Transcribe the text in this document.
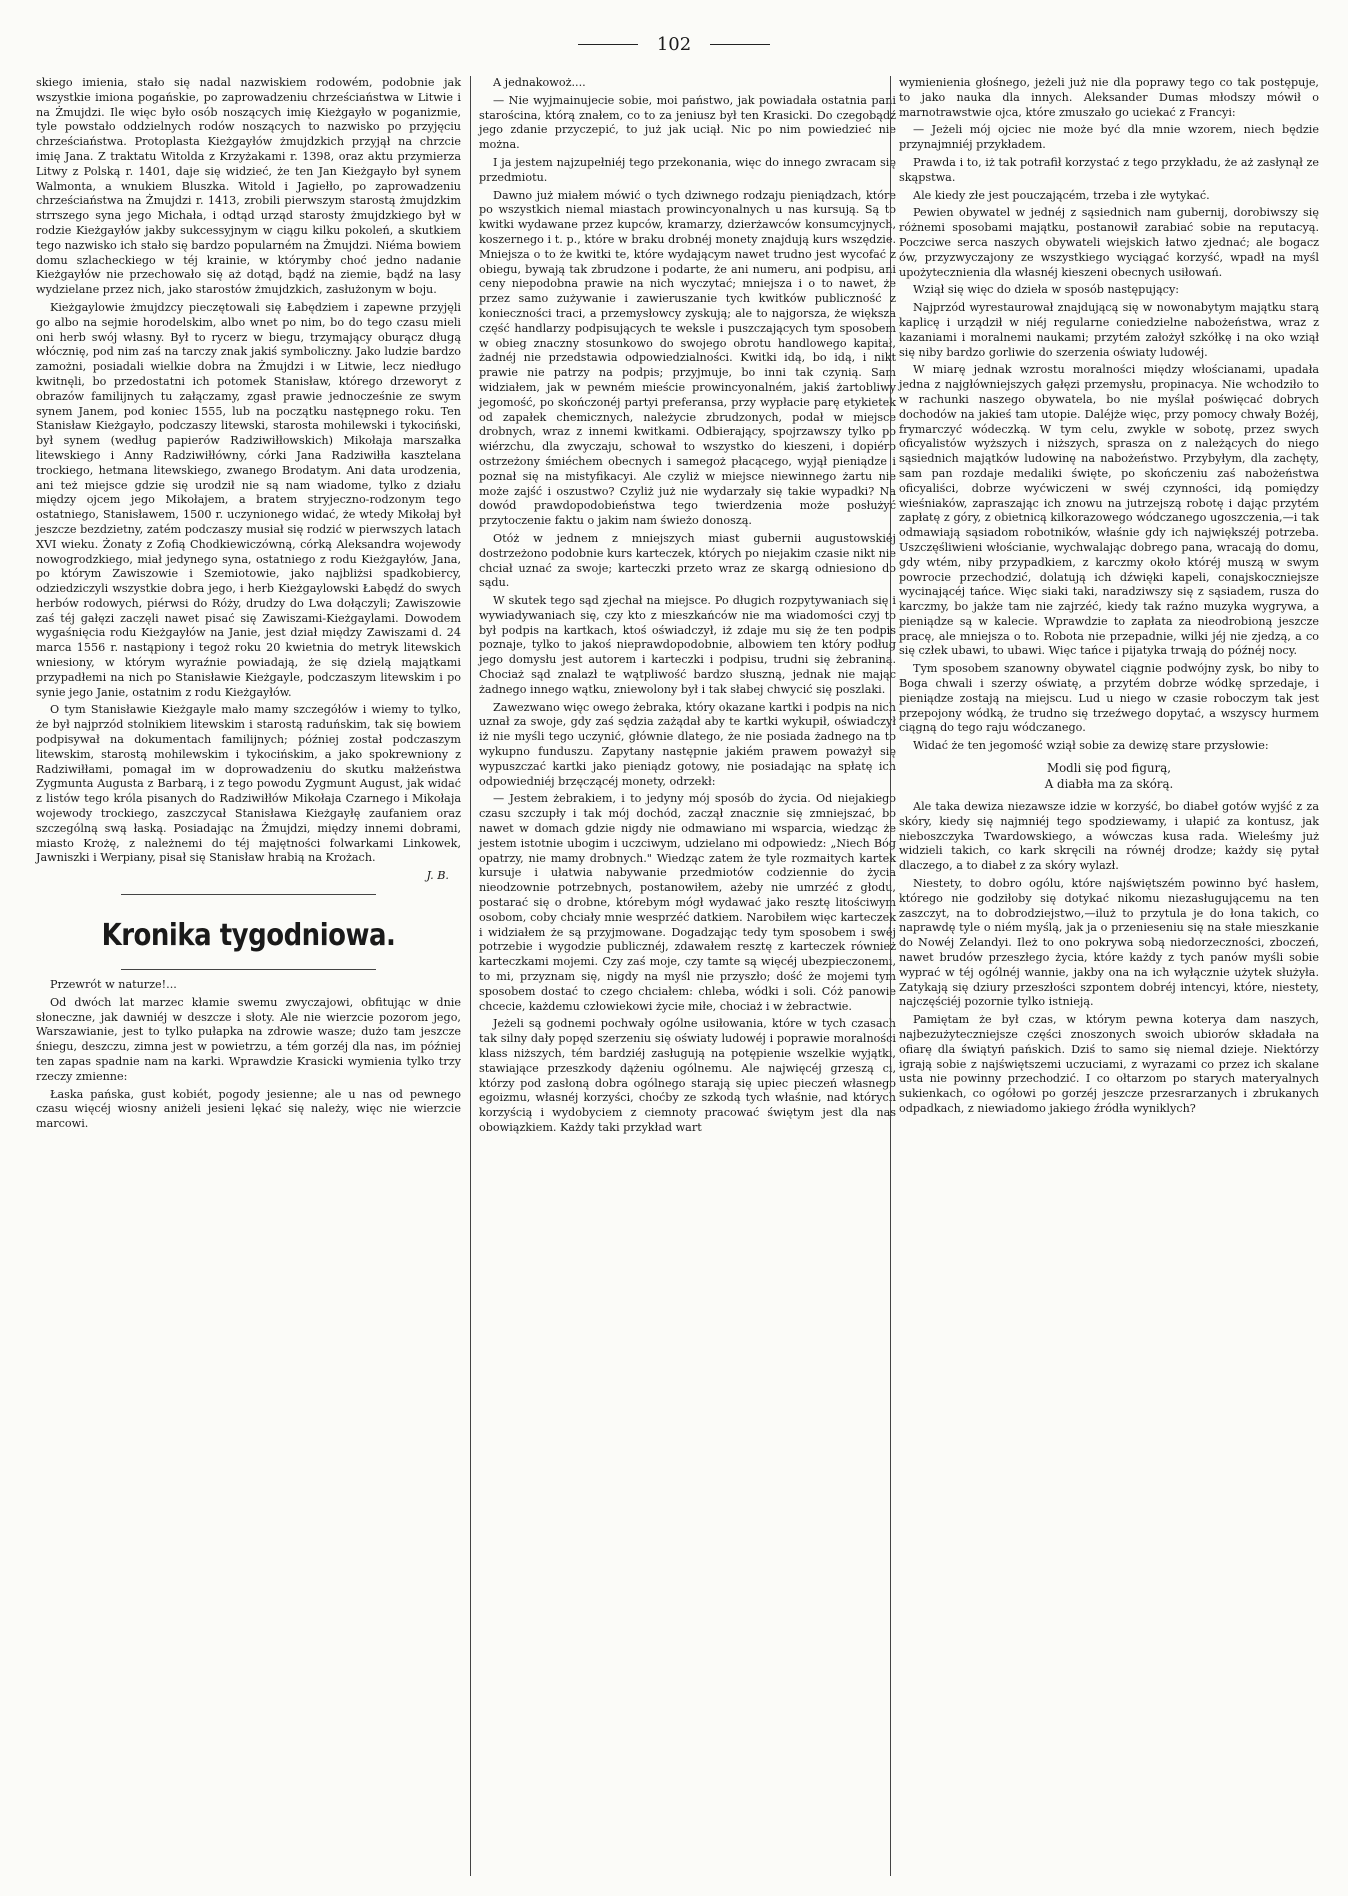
102

skiego imienia, stało się nadal nazwiskiem rodowém, podobnie jak wszystkie imiona pogańskie, po zaprowadzeniu chrześciaństwa w Litwie i na Żmujdzi. Ile więc było osób noszących imię Kieżgayło w poganizmie, tyle powstało oddzielnych rodów noszących to nazwisko po przyjęciu chrześciaństwa. Protoplasta Kieżgayłów żmujdzkich przyjął na chrzcie imię Jana. Z traktatu Witolda z Krzyżakami r. 1398, oraz aktu przymierza Litwy z Polską r. 1401, daje się widzieć, że ten Jan Kieżgayło był synem Walmonta, a wnukiem Bluszka. Witold i Jagiełło, po zaprowadzeniu chrześciaństwa na Żmujdzi r. 1413, zrobili pierwszym starostą żmujdzkim strrszego syna jego Michała, i odtąd urząd starosty żmujdzkiego był w rodzie Kieżgayłów jakby sukcessyjnym w ciągu kilku pokoleń, a skutkiem tego nazwisko ich stało się bardzo popularném na Żmujdzi. Niéma bowiem domu szlacheckiego w téj krainie, w którymby choć jedno nadanie Kieżgayłów nie przechowało się aż dotąd, bądź na ziemie, bądź na lasy wydzielane przez nich, jako starostów żmujdzkich, zasłużonym w boju.

Kieżgaylowie żmujdzcy pieczętowali się Łabędziem i zapewne przyjęli go albo na sejmie horodelskim, albo wnet po nim, bo do tego czasu mieli oni herb swój własny. Był to rycerz w biegu, trzymający oburącz długą włócznię, pod nim zaś na tarczy znak jakiś symboliczny. Jako ludzie bardzo zamożni, posiadali wielkie dobra na Żmujdzi i w Litwie, lecz niedługo kwitnęli, bo przedostatni ich potomek Stanisław, którego drzeworyt z obrazów familijnych tu załączamy, zgasł prawie jednocześnie ze swym synem Janem, pod koniec 1555, lub na początku następnego roku. Ten Stanisław Kieżgayło, podczaszy litewski, starosta mohilewski i tykociński, był synem (według papierów Radziwiłłowskich) Mikołaja marszałka litewskiego i Anny Radziwiłłówny, córki Jana Radziwiłła kasztelana trockiego, hetmana litewskiego, zwanego Brodatym. Ani data urodzenia, ani też miejsce gdzie się urodził nie są nam wiadome, tylko z działu między ojcem jego Mikołajem, a bratem stryjeczno-rodzonym tego ostatniego, Stanisławem, 1500 r. uczynionego widać, że wtedy Mikołaj był jeszcze bezdzietny, zatém podczaszy musiał się rodzić w pierwszych latach XVI wieku. Żonaty z Zofią Chodkiewiczówną, córką Aleksandra wojewody nowogrodzkiego, miał jedynego syna, ostatniego z rodu Kieżgayłów, Jana, po którym Zawiszowie i Szemiotowie, jako najbliżsi spadkobiercy, odziedziczyli wszystkie dobra jego, i herb Kieżgaylowski Łabędź do swych herbów rodowych, piérwsi do Róży, drudzy do Lwa dołączyli; Zawiszowie zaś téj gałęzi zaczęli nawet pisać się Zawiszami-Kieżgaylami. Dowodem wygaśnięcia rodu Kieżgayłów na Janie, jest dział między Zawiszami d. 24 marca 1556 r. nastąpiony i tegoż roku 20 kwietnia do metryk litewskich wniesiony, w którym wyraźnie powiadają, że się dzielą majątkami przypadłemi na nich po Stanisławie Kieżgayle, podczaszym litewskim i po synie jego Janie, ostatnim z rodu Kieżgayłów.

O tym Stanisławie Kieżgayle mało mamy szczegółów i wiemy to tylko, że był najprzód stolnikiem litewskim i starostą raduńskim, tak się bowiem podpisywał na dokumentach familijnych; później został podczaszym litewskim, starostą mohilewskim i tykocińskim, a jako spokrewniony z Radziwiłłami, pomagał im w doprowadzeniu do skutku małżeństwa Zygmunta Augusta z Barbarą, i z tego powodu Zygmunt August, jak widać z listów tego króla pisanych do Radziwiłłów Mikołaja Czarnego i Mikołaja wojewody trockiego, zaszczycał Stanisława Kieżgayłę zaufaniem oraz szczególną swą łaską. Posiadając na Żmujdzi, między innemi dobrami, miasto Krożę, z należnemi do téj majętności folwarkami Linkowek, Jawniszki i Werpiany, pisał się Stanisław hrabią na Krożach.

J. B.
Kronika tygodniowa.

Przewrót w naturze!...

Od dwóch lat marzec kłamie swemu zwyczajowi, obfitując w dnie słoneczne, jak dawniéj w deszcze i słoty. Ale nie wierzcie pozorom jego, Warszawianie, jest to tylko pułapka na zdrowie wasze; dużo tam jeszcze śniegu, deszczu, zimna jest w powietrzu, a tém gorzéj dla nas, im później ten zapas spadnie nam na karki. Wprawdzie Krasicki wymienia tylko trzy rzeczy zmienne:

Łaska pańska, gust kobiét, pogody jesienne; ale u nas od pewnego czasu więcéj wiosny aniżeli jesieni lękać się należy, więc nie wierzcie marcowi.

A jednakowoż....

— Nie wyjmainujecie sobie, moi państwo, jak powiadała ostatnia pani starościna, którą znałem, co to za jeniusz był ten Krasicki. Do czegobądź jego zdanie przyczepić, to już jak uciął. Nic po nim powiedzieć nie można.

I ja jestem najzupełniéj tego przekonania, więc do innego zwracam się przedmiotu.

Dawno już miałem mówić o tych dziwnego rodzaju pieniądzach, które po wszystkich niemal miastach prowincyonalnych u nas kursują. Są to kwitki wydawane przez kupców, kramarzy, dzierżawców konsumcyjnych, koszernego i t. p., które w braku drobnéj monety znajdują kurs wszędzie. Mniejsza o to że kwitki te, które wydającym nawet trudno jest wycofać z obiegu, bywają tak zbrudzone i podarte, że ani numeru, ani podpisu, ani ceny niepodobna prawie na nich wyczytać; mniejsza i o to nawet, że przez samo zużywanie i zawieruszanie tych kwitków publiczność z konieczności traci, a przemysłowcy zyskują; ale to najgorsza, że większa część handlarzy podpisujących te weksle i puszczających tym sposobem w obieg znaczny stosunkowo do swojego obrotu handlowego kapitał, żadnéj nie przedstawia odpowiedzialności. Kwitki idą, bo idą, i nikt prawie nie patrzy na podpis; przyjmuje, bo inni tak czynią. Sam widziałem, jak w pewném mieście prowincyonalném, jakiś żartobliwy jegomość, po skończonéj partyi preferansa, przy wypłacie parę etykietek od zapałek chemicznych, należycie zbrudzonych, podał w miejsce drobnych, wraz z innemi kwitkami. Odbierający, spojrzawszy tylko po wiérzchu, dla zwyczaju, schował to wszystko do kieszeni, i dopiéro ostrzeżony śmiéchem obecnych i samegoż płacącego, wyjął pieniądze i poznał się na mistyfikacyi. Ale czyliż w miejsce niewinnego żartu nie może zajść i oszustwo? Czyliż już nie wydarzały się takie wypadki? Na dowód prawdopodobieństwa tego twierdzenia może posłużyć przytoczenie faktu o jakim nam świeżo donoszą.

Otóż w jednem z mniejszych miast gubernii augustowskiéj dostrzeżono podobnie kurs karteczek, których po niejakim czasie nikt nie chciał uznać za swoje; karteczki przeto wraz ze skargą odniesiono do sądu.

W skutek tego sąd zjechał na miejsce. Po długich rozpytywaniach się i wywiadywaniach się, czy kto z mieszkańców nie ma wiadomości czyj to był podpis na kartkach, ktoś oświadczył, iż zdaje mu się że ten podpis poznaje, tylko to jakoś nieprawdopodobnie, albowiem ten który podług jego domysłu jest autorem i karteczki i podpisu, trudni się żebraniną. Chociaż sąd znalazł te wątpliwość bardzo słuszną, jednak nie mając żadnego innego wątku, zniewolony był i tak słabej chwycić się poszlaki.

Zawezwano więc owego żebraka, który okazane kartki i podpis na nich uznał za swoje, gdy zaś sędzia zażądał aby te kartki wykupił, oświadczył iż nie myśli tego uczynić, głównie dlatego, że nie posiada żadnego na to wykupno funduszu. Zapytany następnie jakiém prawem poważył się wypuszczać kartki jako pieniądz gotowy, nie posiadając na spłatę ich odpowiedniéj brzęczącéj monety, odrzekł:

— Jestem żebrakiem, i to jedyny mój sposób do życia. Od niejakiego czasu szczupły i tak mój dochód, zaczął znacznie się zmniejszać, bo nawet w domach gdzie nigdy nie odmawiano mi wsparcia, wiedząc że jestem istotnie ubogim i uczciwym, udzielano mi odpowiedz: „Niech Bóg opatrzy, nie mamy drobnych." Wiedząc zatem że tyle rozmaitych kartek kursuje i ułatwia nabywanie przedmiotów codziennie do życia nieodzownie potrzebnych, postanowiłem, ażeby nie umrzéć z głodu, postarać się o drobne, którebym mógł wydawać jako resztę litościwym osobom, coby chciały mnie wesprzéć datkiem. Narobiłem więc karteczek i widziałem że są przyjmowane. Dogadzając tedy tym sposobem i swéj potrzebie i wygodzie publicznéj, zdawałem resztę z karteczek również karteczkami mojemi. Czy zaś moje, czy tamte są więcéj ubezpieczonemi, to mi, przyznam się, nigdy na myśl nie przyszło; dość że mojemi tym sposobem dostać to czego chciałem: chleba, wódki i soli. Cóż panowie chcecie, każdemu człowiekowi życie miłe, chociaż i w żebractwie.

Jeżeli są godnemi pochwały ogólne usiłowania, które w tych czasach tak silny dały popęd szerzeniu się oświaty ludowéj i poprawie moralności klass niższych, tém bardziéj zasługują na potępienie wszelkie wyjątki, stawiające przeszkody dążeniu ogólnemu. Ale najwięcéj grzeszą ci, którzy pod zasłoną dobra ogólnego starają się upiec pieczeń własnego egoizmu, własnéj korzyści, choćby ze szkodą tych właśnie, nad których korzyścią i wydobyciem z ciemnoty pracować świętym jest dla nas obowiązkiem. Każdy taki przykład wart

wymienienia głośnego, jeżeli już nie dla poprawy tego co tak postępuje, to jako nauka dla innych. Aleksander Dumas młodszy mówił o marnotrawstwie ojca, które zmuszało go uciekać z Francyi:

— Jeżeli mój ojciec nie może być dla mnie wzorem, niech będzie przynajmniéj przykładem.

Prawda i to, iż tak potrafił korzystać z tego przykładu, że aż zasłynął ze skąpstwa.

Ale kiedy złe jest pouczającém, trzeba i złe wytykać.

Pewien obywatel w jednéj z sąsiednich nam gubernij, dorobiwszy się różnemi sposobami majątku, postanowił zarabiać sobie na reputacyą. Poczciwe serca naszych obywateli wiejskich łatwo zjednać; ale bogacz ów, przyzwyczajony ze wszystkiego wyciągać korzyść, wpadł na myśl upożytecznienia dla własnéj kieszeni obecnych usiłowań.

Wziął się więc do dzieła w sposób następujący:

Najprzód wyrestaurował znajdującą się w nowonabytym majątku starą kaplicę i urządził w niéj regularne coniedzielne nabożeństwa, wraz z kazaniami i moralnemi naukami; przytém założył szkółkę i na oko wziął się niby bardzo gorliwie do szerzenia oświaty ludowéj.

W miarę jednak wzrostu moralności między włościanami, upadała jedna z najgłówniejszych gałęzi przemysłu, propinacya. Nie wchodziło to w rachunki naszego obywatela, bo nie myślał poświęcać dobrych dochodów na jakieś tam utopie. Daléjże więc, przy pomocy chwały Bożéj, frymarczyć wódeczką. W tym celu, zwykle w sobotę, przez swych oficyalistów wyższych i niższych, sprasza on z należących do niego sąsiednich majątków ludowinę na nabożeństwo. Przybyłym, dla zachęty, sam pan rozdaje medaliki święte, po skończeniu zaś nabożeństwa oficyaliści, dobrze wyćwiczeni w swéj czynności, idą pomiędzy wieśniaków, zapraszając ich znowu na jutrzejszą robotę i dając przytém zapłatę z góry, z obietnicą kilkorazowego wódczanego ugoszczenia,—i tak odmawiają sąsiadom robotników, właśnie gdy ich największéj potrzeba. Uszczęśliwieni włościanie, wychwalając dobrego pana, wracają do domu, gdy wtém, niby przypadkiem, z karczmy około któréj muszą w swym powrocie przechodzić, dolatują ich dźwięki kapeli, conajskoczniejsze wycinającéj tańce. Więc siaki taki, naradziwszy się z sąsiadem, rusza do karczmy, bo jakże tam nie zajrzéć, kiedy tak raźno muzyka wygrywa, a pieniądze są w kalecie. Wprawdzie to zapłata za nieodrobioną jeszcze pracę, ale mniejsza o to. Robota nie przepadnie, wilki jéj nie zjedzą, a co się człek ubawi, to ubawi. Więc tańce i pijatyka trwają do późnéj nocy.

Tym sposobem szanowny obywatel ciągnie podwójny zysk, bo niby to Boga chwali i szerzy oświatę, a przytém dobrze wódkę sprzedaje, i pieniądze zostają na miejscu. Lud u niego w czasie roboczym tak jest przepojony wódką, że trudno się trzeźwego dopytać, a wszyscy hurmem ciągną do tego raju wódczanego.

Widać że ten jegomość wziął sobie za dewizę stare przysłowie:

Modli się pod figurą,
A diabła ma za skórą.

Ale taka dewiza niezawsze idzie w korzyść, bo diabeł gotów wyjść z za skóry, kiedy się najmniéj tego spodziewamy, i ułapić za kontusz, jak nieboszczyka Twardowskiego, a wówczas kusa rada. Wieleśmy już widzieli takich, co kark skręcili na równéj drodze; każdy się pytał dlaczego, a to diabeł z za skóry wylazł.

Niestety, to dobro ogólu, które najświętszém powinno być hasłem, którego nie godziłoby się dotykać nikomu niezasługującemu na ten zaszczyt, na to dobrodziejstwo,—iluż to przytula je do łona takich, co naprawdę tyle o niém myślą, jak ja o przenieseniu się na stałe mieszkanie do Nowéj Zelandyi. Ileż to ono pokrywa sobą niedorzeczności, zboczeń, nawet brudów przeszłego życia, które każdy z tych panów myśli sobie wyprać w téj ogólnéj wannie, jakby ona na ich wyłącznie użytek służyła. Zatykają się dziury przeszłości szpontem dobréj intencyi, które, niestety, najczęściéj pozornie tylko istnieją.

Pamiętam że był czas, w którym pewna koterya dam naszych, najbezużyteczniejsze części znoszonych swoich ubiorów składała na ofiarę dla świątyń pańskich. Dziś to samo się niemal dzieje. Niektórzy igrają sobie z najświętszemi uczuciami, z wyrazami co przez ich skalane usta nie powinny przechodzić. I co ołtarzom po starych materyalnych sukienkach, co ogółowi po gorzéj jeszcze przesrarzanych i zbrukanych odpadkach, z niewiadomo jakiego źródła wyniklych?
